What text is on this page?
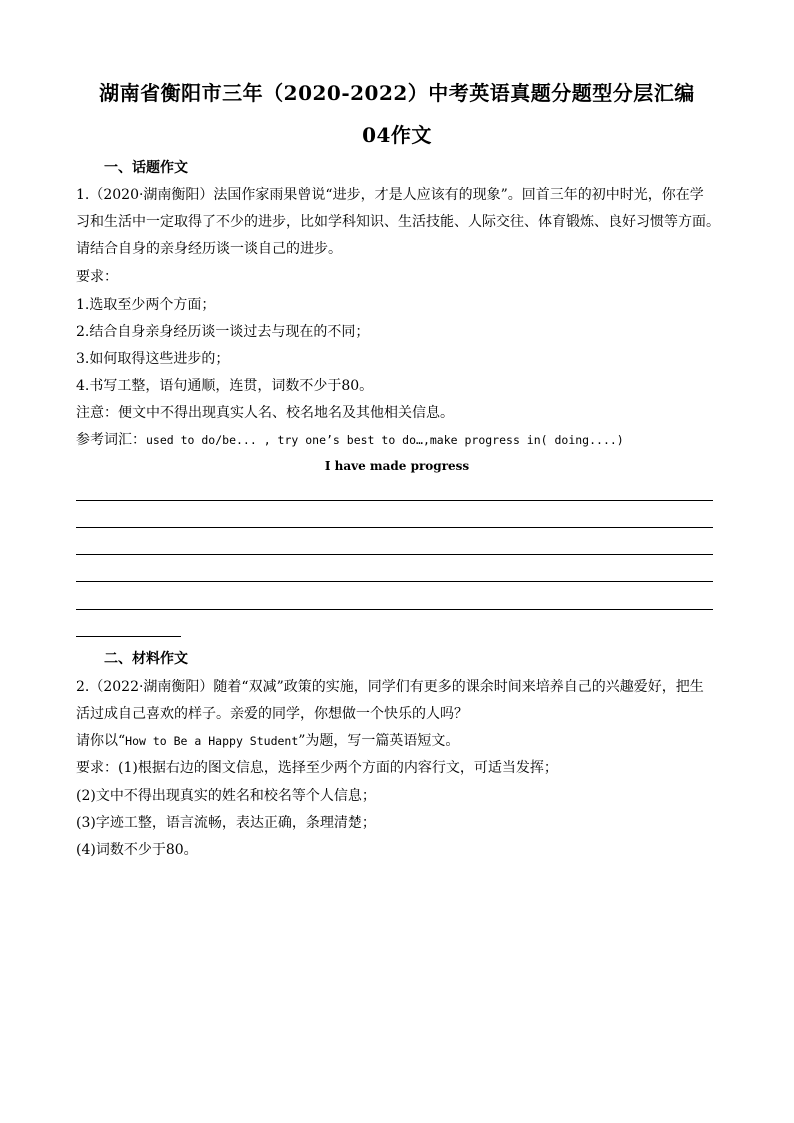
湖南省衡阳市三年（2020-2022）中考英语真题分题型分层汇编
04作文
一、话题作文
1.（2020·湖南衡阳）法国作家雨果曾说“进步，才是人应该有的现象”。回首三年的初中时光，你在学
习和生活中一定取得了不少的进步，比如学科知识、生活技能、人际交往、体育锻炼、良好习惯等方面。
请结合自身的亲身经历谈一谈自己的进步。
要求：
1.选取至少两个方面；
2.结合自身亲身经历谈一谈过去与现在的不同；
3.如何取得这些进步的；
4.书写工整，语句通顺，连贯，词数不少于80。
注意：便文中不得出现真实人名、校名地名及其他相关信息。
参考词汇：used to do/be... , try one’s best to do…,make progress in( doing....)
I have made progress
二、材料作文
2.（2022·湖南衡阳）随着“双减”政策的实施，同学们有更多的课余时间来培养自己的兴趣爱好，把生
活过成自己喜欢的样子。亲爱的同学，你想做一个快乐的人吗？
请你以“How to Be a Happy Student”为题，写一篇英语短文。
要求：(1)根据右边的图文信息，选择至少两个方面的内容行文，可适当发挥；
(2)文中不得出现真实的姓名和校名等个人信息；
(3)字迹工整，语言流畅，表达正确，条理清楚；
(4)词数不少于80。
